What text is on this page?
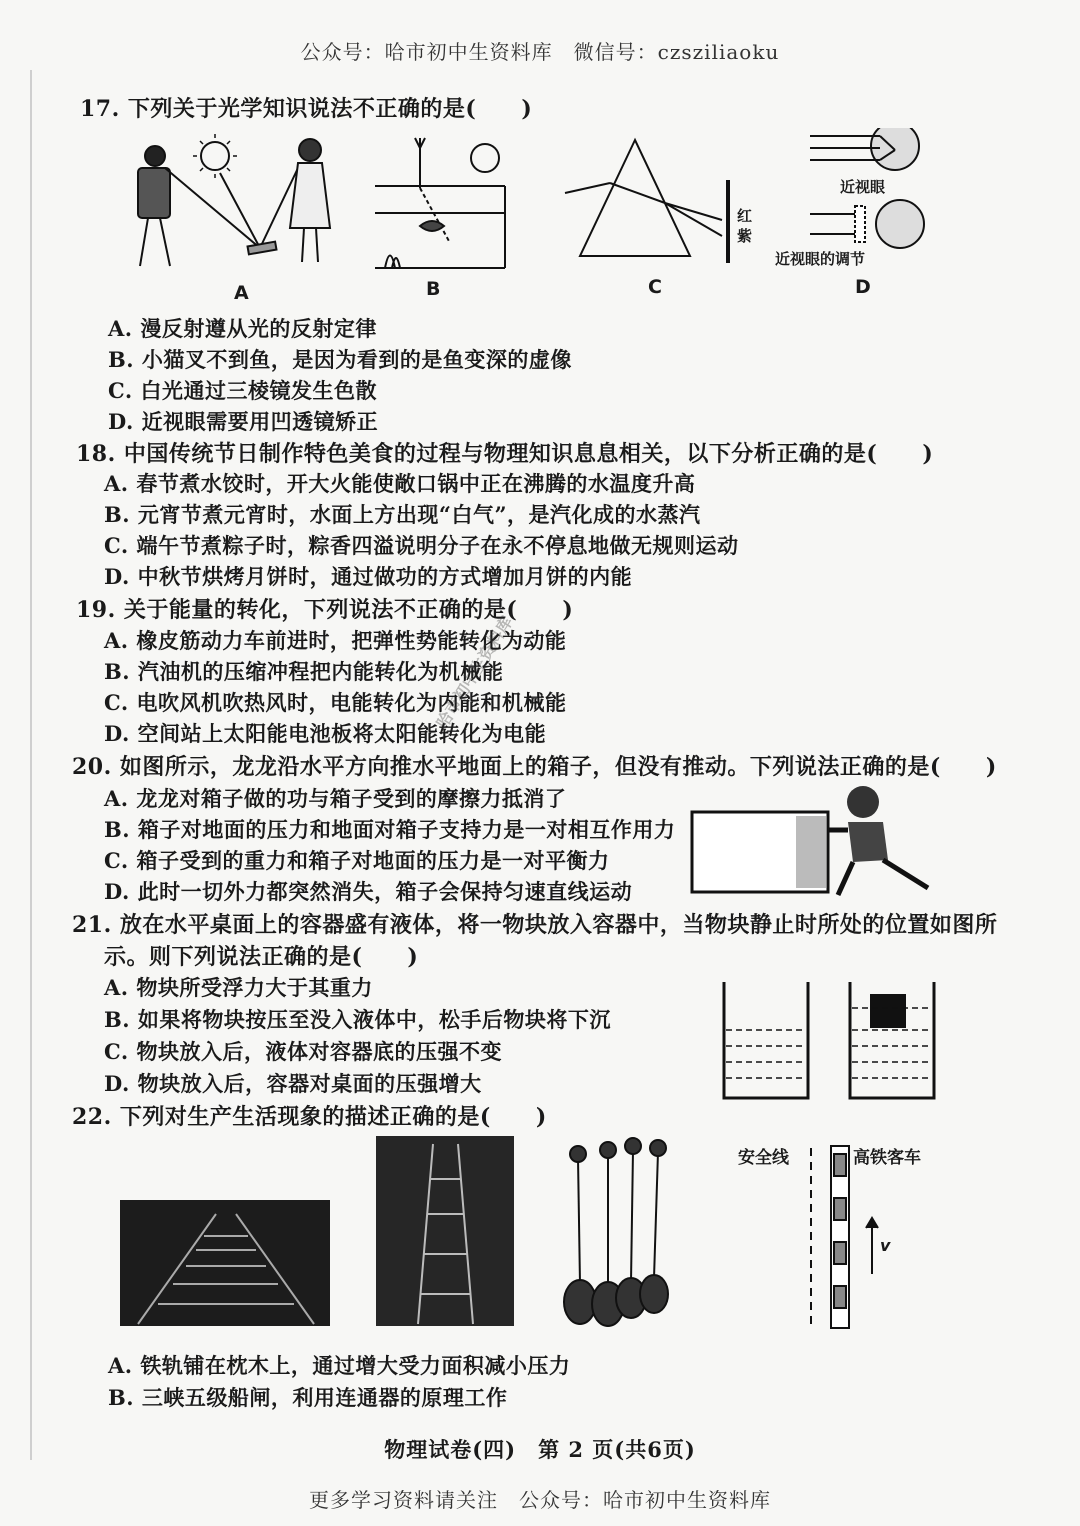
公众号：哈市初中生资料库　微信号：czsziliaoku
17. 下列关于光学知识说法不正确的是(　　)
近视眼
近视眼的调节
红
紫
A	B	C	D
A. 漫反射遵从光的反射定律
B. 小猫叉不到鱼，是因为看到的是鱼变深的虚像
C. 白光通过三棱镜发生色散
D. 近视眼需要用凹透镜矫正
18. 中国传统节日制作特色美食的过程与物理知识息息相关，以下分析正确的是(　　)
A. 春节煮水饺时，开大火能使敞口锅中正在沸腾的水温度升高
B. 元宵节煮元宵时，水面上方出现“白气”，是汽化成的水蒸汽
C. 端午节煮粽子时，粽香四溢说明分子在永不停息地做无规则运动
D. 中秋节烘烤月饼时，通过做功的方式增加月饼的内能
19. 关于能量的转化，下列说法不正确的是(　　)
A. 橡皮筋动力车前进时，把弹性势能转化为动能
B. 汽油机的压缩冲程把内能转化为机械能
C. 电吹风机吹热风时，电能转化为内能和机械能
D. 空间站上太阳能电池板将太阳能转化为电能
20. 如图所示，龙龙沿水平方向推水平地面上的箱子，但没有推动。下列说法正确的是(　　)
A. 龙龙对箱子做的功与箱子受到的摩擦力抵消了
B. 箱子对地面的压力和地面对箱子支持力是一对相互作用力
C. 箱子受到的重力和箱子对地面的压力是一对平衡力
D. 此时一切外力都突然消失，箱子会保持匀速直线运动
21. 放在水平桌面上的容器盛有液体，将一物块放入容器中，当物块静止时所处的位置如图所
示。则下列说法正确的是(　　)
A. 物块所受浮力大于其重力
B. 如果将物块按压至没入液体中，松手后物块将下沉
C. 物块放入后，液体对容器底的压强不变
D. 物块放入后，容器对桌面的压强增大
22. 下列对生产生活现象的描述正确的是(　　)
安全线	高铁客车
v
A. 铁轨铺在枕木上，通过增大受力面积减小压力
B. 三峡五级船闸，利用连通器的原理工作
物理试卷(四)　第 2 页(共6页)
更多学习资料请关注　公众号：哈市初中生资料库
哈市初中生资料库
